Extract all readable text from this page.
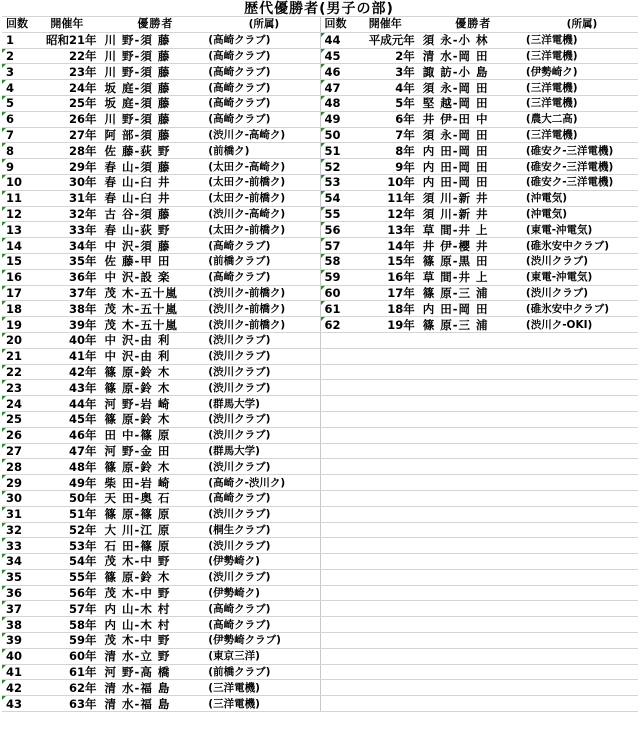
歴代優勝者(男子の部)
回数	開催年	優勝者	(所属)	回数	開催年	優勝者	(所属)
1	昭和21年	川 野-須 藤	(高崎クラブ)	44	平成元年	須 永-小 林	(三洋電機)
2	22年	川 野-須 藤	(高崎クラブ)	45	2年	清 水-岡 田	(三洋電機)
3	23年	川 野-須 藤	(高崎クラブ)	46	3年	諏 訪-小 島	(伊勢崎ク)
4	24年	坂 庭-須 藤	(高崎クラブ)	47	4年	須 永-岡 田	(三洋電機)
5	25年	坂 庭-須 藤	(高崎クラブ)	48	5年	堅 越-岡 田	(三洋電機)
6	26年	川 野-須 藤	(高崎クラブ)	49	6年	井 伊-田 中	(農大二高)
7	27年	阿 部-須 藤	(渋川ク-高崎ク)	50	7年	須 永-岡 田	(三洋電機)
8	28年	佐 藤-荻 野	(前橋ク)	51	8年	内 田-岡 田	(碓安ク-三洋電機)
9	29年	春 山-須 藤	(太田ク-高崎ク)	52	9年	内 田-岡 田	(碓安ク-三洋電機)
10	30年	春 山-臼 井	(太田ク-前橋ク)	53	10年	内 田-岡 田	(碓安ク-三洋電機)
11	31年	春 山-臼 井	(太田ク-前橋ク)	54	11年	須 川-新 井	(沖電気)
12	32年	古 谷-須 藤	(渋川ク-高崎ク)	55	12年	須 川-新 井	(沖電気)
13	33年	春 山-荻 野	(太田ク-前橋ク)	56	13年	草 間-井 上	(東電-沖電気)
14	34年	中 沢-須 藤	(高崎クラブ)	57	14年	井 伊-櫻 井	(碓氷安中クラブ)
15	35年	佐 藤-甲 田	(前橋クラブ)	58	15年	篠 原-黒 田	(渋川クラブ)
16	36年	中 沢-設 楽	(高崎クラブ)	59	16年	草 間-井 上	(東電-沖電気)
17	37年	茂 木-五十嵐	(渋川ク-前橋ク)	60	17年	篠 原-三 浦	(渋川クラブ)
18	38年	茂 木-五十嵐	(渋川ク-前橋ク)	61	18年	内 田-岡 田	(碓氷安中クラブ)
19	39年	茂 木-五十嵐	(渋川ク-前橋ク)	62	19年	篠 原-三 浦	(渋川ク-OKI)
20	40年	中 沢-由 利	(渋川クラブ)				
21	41年	中 沢-由 利	(渋川クラブ)				
22	42年	篠 原-鈴 木	(渋川クラブ)				
23	43年	篠 原-鈴 木	(渋川クラブ)				
24	44年	河 野-岩 崎	(群馬大学)				
25	45年	篠 原-鈴 木	(渋川クラブ)				
26	46年	田 中-篠 原	(渋川クラブ)				
27	47年	河 野-金 田	(群馬大学)				
28	48年	篠 原-鈴 木	(渋川クラブ)				
29	49年	柴 田-岩 崎	(高崎ク-渋川ク)				
30	50年	天 田-奥 石	(高崎クラブ)				
31	51年	篠 原-篠 原	(渋川クラブ)				
32	52年	大 川-江 原	(桐生クラブ)				
33	53年	石 田-篠 原	(渋川クラブ)				
34	54年	茂 木-中 野	(伊勢崎ク)				
35	55年	篠 原-鈴 木	(渋川クラブ)				
36	56年	茂 木-中 野	(伊勢崎ク)				
37	57年	内 山-木 村	(高崎クラブ)				
38	58年	内 山-木 村	(高崎クラブ)				
39	59年	茂 木-中 野	(伊勢崎クラブ)				
40	60年	清 水-立 野	(東京三洋)				
41	61年	河 野-高 橋	(前橋クラブ)				
42	62年	清 水-福 島	(三洋電機)				
43	63年	清 水-福 島	(三洋電機)				
